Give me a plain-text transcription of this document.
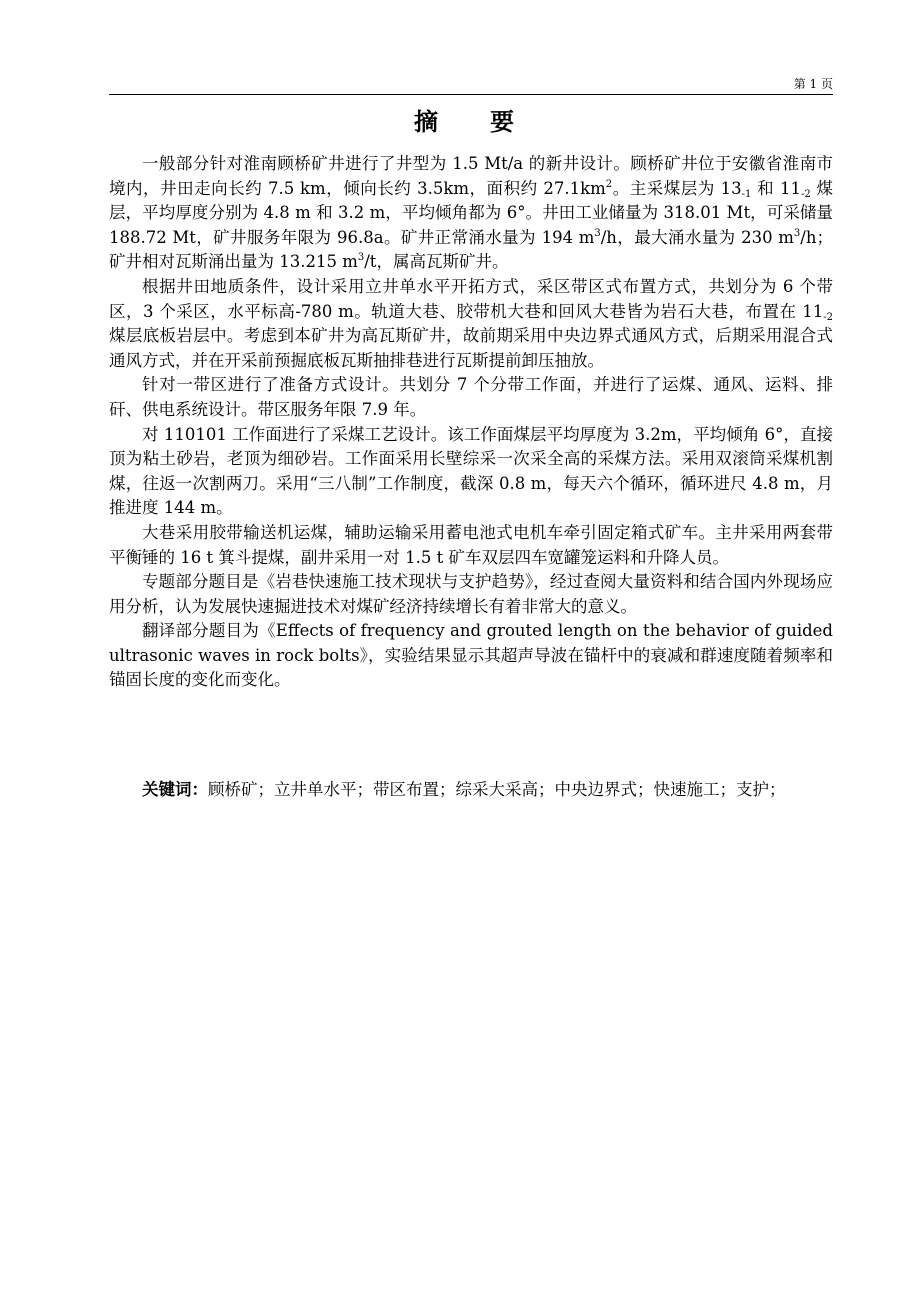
第 1 页
摘　要

一般部分针对淮南顾桥矿井进行了井型为 1.5 Mt/a 的新井设计。顾桥矿井位于安徽省淮南市境内，井田走向长约 7.5 km，倾向长约 3.5km，面积约 $27.1km^2$。主采煤层为 $13_{-1}$ 和 $11_{-2}$ 煤层，平均厚度分别为 4.8 m 和 3.2 m，平均倾角都为 6°。井田工业储量为 318.01 Mt，可采储量 188.72 Mt，矿井服务年限为 96.8a。矿井正常涌水量为 194 $m^3/h$，最大涌水量为 230 $m^3/h$；矿井相对瓦斯涌出量为 13.215 $m^3/t$，属高瓦斯矿井。

根据井田地质条件，设计采用立井单水平开拓方式，采区带区式布置方式，共划分为 6 个带区，3 个采区，水平标高-780 m。轨道大巷、胶带机大巷和回风大巷皆为岩石大巷，布置在 $11_{-2}$ 煤层底板岩层中。考虑到本矿井为高瓦斯矿井，故前期采用中央边界式通风方式，后期采用混合式通风方式，并在开采前预掘底板瓦斯抽排巷进行瓦斯提前卸压抽放。

针对一带区进行了准备方式设计。共划分 7 个分带工作面，并进行了运煤、通风、运料、排矸、供电系统设计。带区服务年限 7.9 年。

对 110101 工作面进行了采煤工艺设计。该工作面煤层平均厚度为 3.2m，平均倾角 6°，直接顶为粘土砂岩，老顶为细砂岩。工作面采用长壁综采一次采全高的采煤方法。采用双滚筒采煤机割煤，往返一次割两刀。采用“三八制”工作制度，截深 0.8 m，每天六个循环，循环进尺 4.8 m，月推进度 144 m。

大巷采用胶带输送机运煤，辅助运输采用蓄电池式电机车牵引固定箱式矿车。主井采用两套带平衡锤的 16 t 箕斗提煤，副井采用一对 1.5 t 矿车双层四车宽罐笼运料和升降人员。

专题部分题目是《岩巷快速施工技术现状与支护趋势》，经过查阅大量资料和结合国内外现场应用分析，认为发展快速掘进技术对煤矿经济持续增长有着非常大的意义。

翻译部分题目为《Effects of frequency and grouted length on the behavior of guided ultrasonic waves in rock bolts》，实验结果显示其超声导波在锚杆中的衰减和群速度随着频率和锚固长度的变化而变化。

关键词：顾桥矿；立井单水平；带区布置；综采大采高；中央边界式；快速施工；支护；
